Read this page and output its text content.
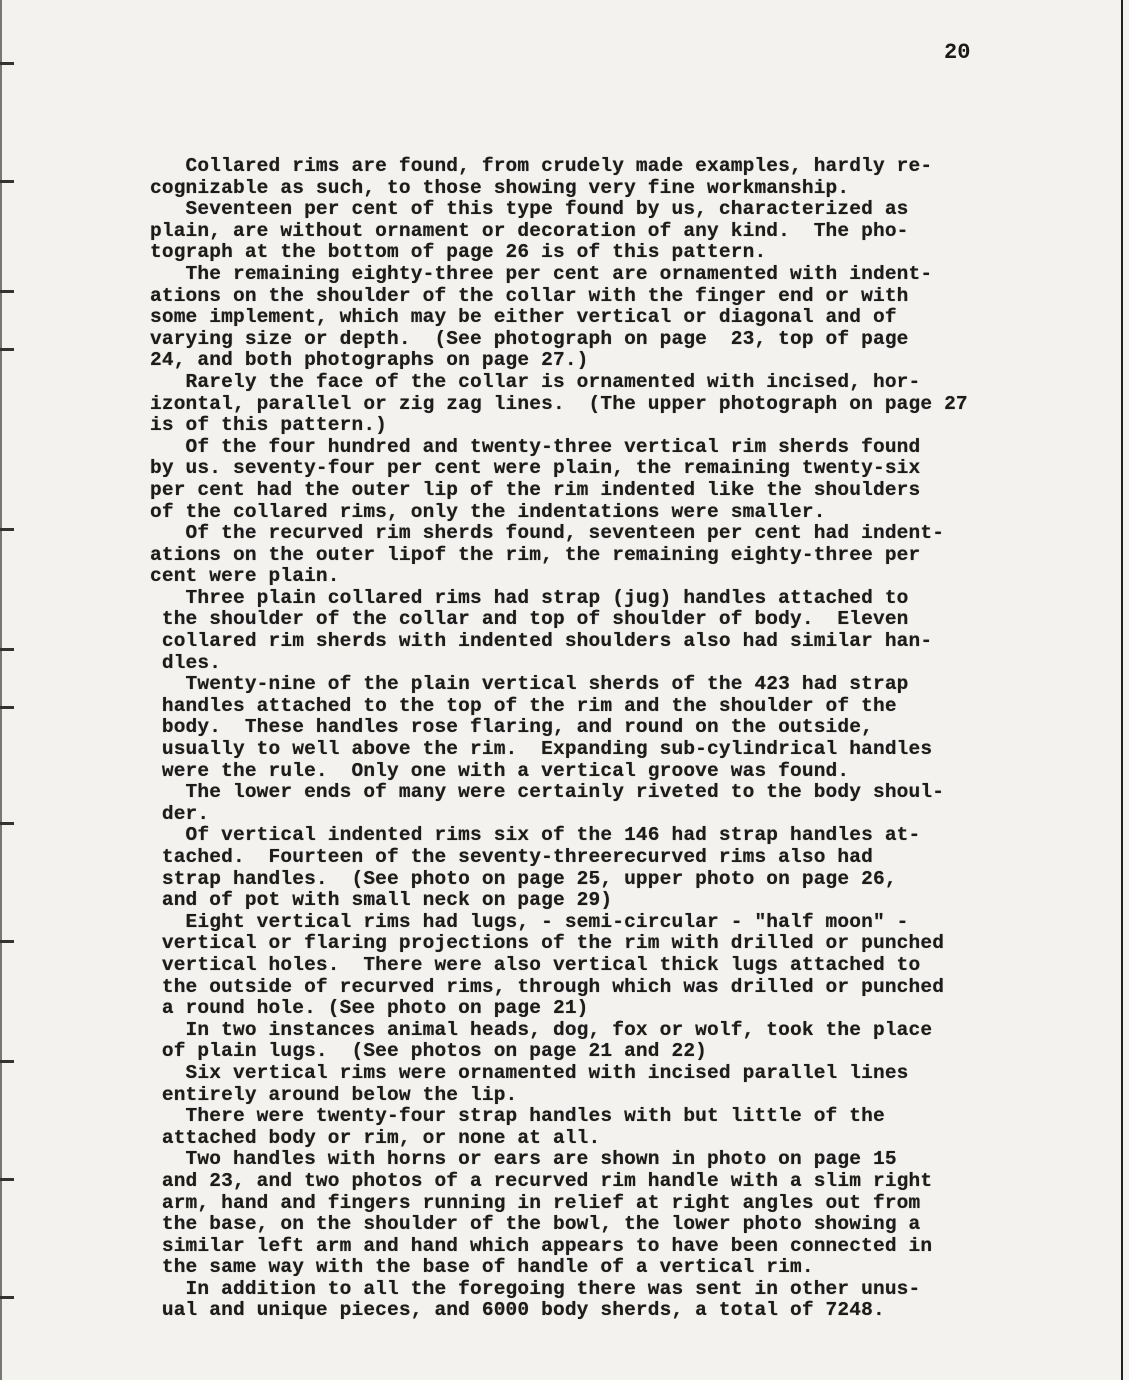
20
Collared rims are found, from crudely made examples, hardly re-
cognizable as such, to those showing very fine workmanship.
Seventeen per cent of this type found by us, characterized as
plain, are without ornament or decoration of any kind.  The pho-
tograph at the bottom of page 26 is of this pattern.
The remaining eighty-three per cent are ornamented with indent-
ations on the shoulder of the collar with the finger end or with
some implement, which may be either vertical or diagonal and of
varying size or depth.  (See photograph on page  23, top of page
24, and both photographs on page 27.)
Rarely the face of the collar is ornamented with incised, hor-
izontal, parallel or zig zag lines.  (The upper photograph on page 27
is of this pattern.)
Of the four hundred and twenty-three vertical rim sherds found
by us. seventy-four per cent were plain, the remaining twenty-six
per cent had the outer lip of the rim indented like the shoulders
of the collared rims, only the indentations were smaller.
Of the recurved rim sherds found, seventeen per cent had indent-
ations on the outer lipof the rim, the remaining eighty-three per
cent were plain.
Three plain collared rims had strap (jug) handles attached to
the shoulder of the collar and top of shoulder of body.  Eleven
collared rim sherds with indented shoulders also had similar han-
dles.
Twenty-nine of the plain vertical sherds of the 423 had strap
handles attached to the top of the rim and the shoulder of the
body.  These handles rose flaring, and round on the outside,
usually to well above the rim.  Expanding sub-cylindrical handles
were the rule.  Only one with a vertical groove was found.
The lower ends of many were certainly riveted to the body shoul-
der.
Of vertical indented rims six of the 146 had strap handles at-
tached.  Fourteen of the seventy-threerecurved rims also had
strap handles.  (See photo on page 25, upper photo on page 26,
and of pot with small neck on page 29)
Eight vertical rims had lugs, - semi-circular - "half moon" -
vertical or flaring projections of the rim with drilled or punched
vertical holes.  There were also vertical thick lugs attached to
the outside of recurved rims, through which was drilled or punched
a round hole. (See photo on page 21)
In two instances animal heads, dog, fox or wolf, took the place
of plain lugs.  (See photos on page 21 and 22)
Six vertical rims were ornamented with incised parallel lines
entirely around below the lip.
There were twenty-four strap handles with but little of the
attached body or rim, or none at all.
Two handles with horns or ears are shown in photo on page 15
and 23, and two photos of a recurved rim handle with a slim right
arm, hand and fingers running in relief at right angles out from
the base, on the shoulder of the bowl, the lower photo showing a
similar left arm and hand which appears to have been connected in
the same way with the base of handle of a vertical rim.
In addition to all the foregoing there was sent in other unus-
ual and unique pieces, and 6000 body sherds, a total of 7248.
